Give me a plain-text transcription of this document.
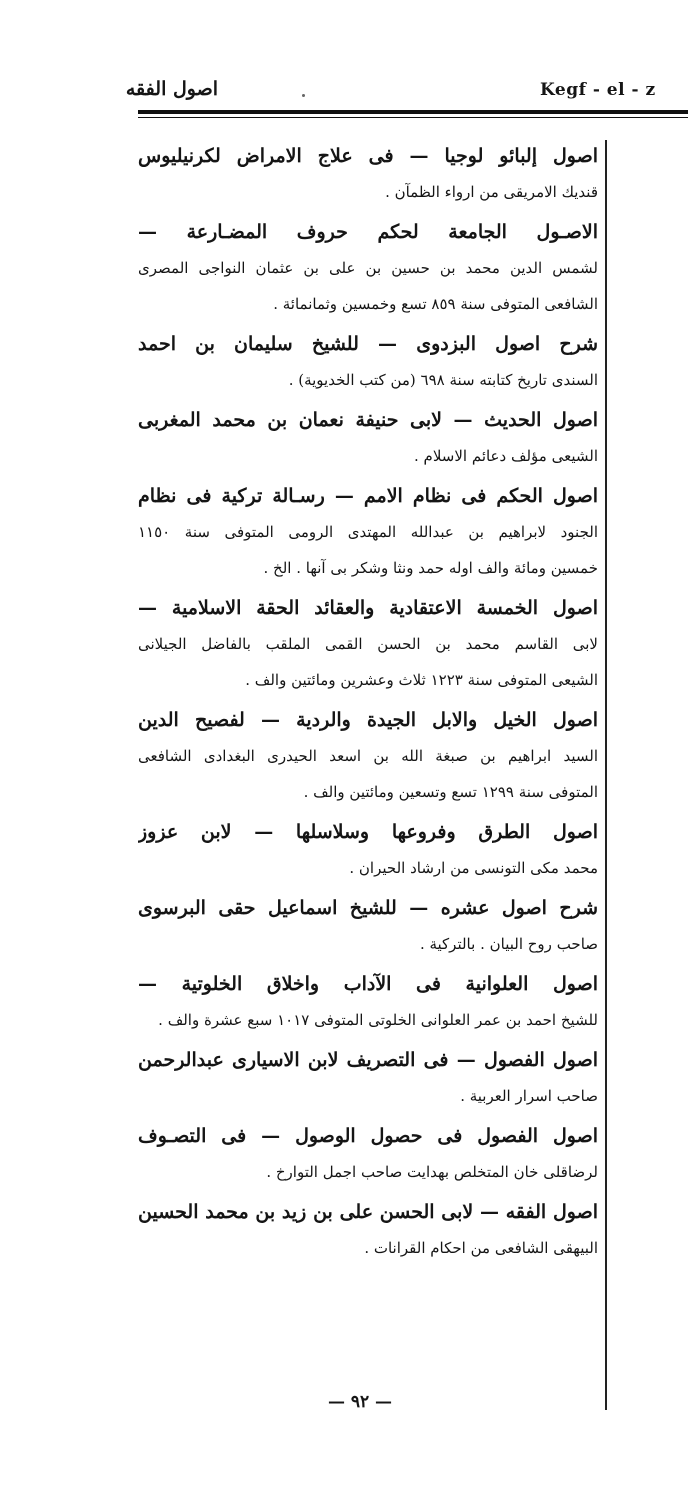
اصول الفقه	Kegf - el - z
اصول إلبائو لوجيا — فى علاج الامراض لكرنيليوس
قنديك الامريقى من ارواء الظمآن .
الاصـول الجامعة لحكم حروف المضـارعة —
لشمس الدين محمد بن حسين بن على بن عثمان النواجى المصرى
الشافعى المتوفى سنة ٨٥٩ تسع وخمسين وثمانمائة .
شرح اصول البزدوى — للشيخ سليمان بن احمد
السندى تاريخ كتابته سنة ٦٩٨ (من كتب الخديوية) .
اصول الحديث — لابى حنيفة نعمان بن محمد المغربى
الشيعى مؤلف دعائم الاسلام .
اصول الحكم فى نظام الامم — رسـالة تركية فى نظام
الجنود لابراهيم بن عبدالله المهتدى الرومى المتوفى سنة ١١٥٠
خمسين ومائة والف اوله حمد ونثا وشكر بى آنها . الخ .
اصول الخمسة الاعتقادية والعقائد الحقة الاسلامية —
لابى القاسم محمد بن الحسن القمى الملقب بالفاضل الجيلانى
الشيعى المتوفى سنة ١٢٢٣ ثلاث وعشرين ومائتين والف .
اصول الخيل والابل الجيدة والردية — لفصيح الدين
السيد ابراهيم بن صبغة الله بن اسعد الحيدرى البغدادى الشافعى
المتوفى سنة ١٢٩٩ تسع وتسعين ومائتين والف .
اصول الطرق وفروعها وسلاسلها — لابن عزوز
محمد مكى التونسى من ارشاد الحيران .
شرح اصول عشره — للشيخ اسماعيل حقى البرسوى
صاحب روح البيان . بالتركية .
اصول العلوانية فى الآداب واخلاق الخلوتية —
للشيخ احمد بن عمر العلوانى الخلوتى المتوفى ١٠١٧ سبع عشرة والف .
اصول الفصول — فى التصريف لابن الاسيارى عبدالرحمن
صاحب اسرار العربية .
اصول الفصول فى حصول الوصول — فى التصـوف
لرضاقلى خان المتخلص بهدايت صاحب اجمل التوارخ .
اصول الفقه — لابى الحسن على بن زيد بن محمد الحسين
البيهقى الشافعى من احكام القرانات .
— ٩٢ —
